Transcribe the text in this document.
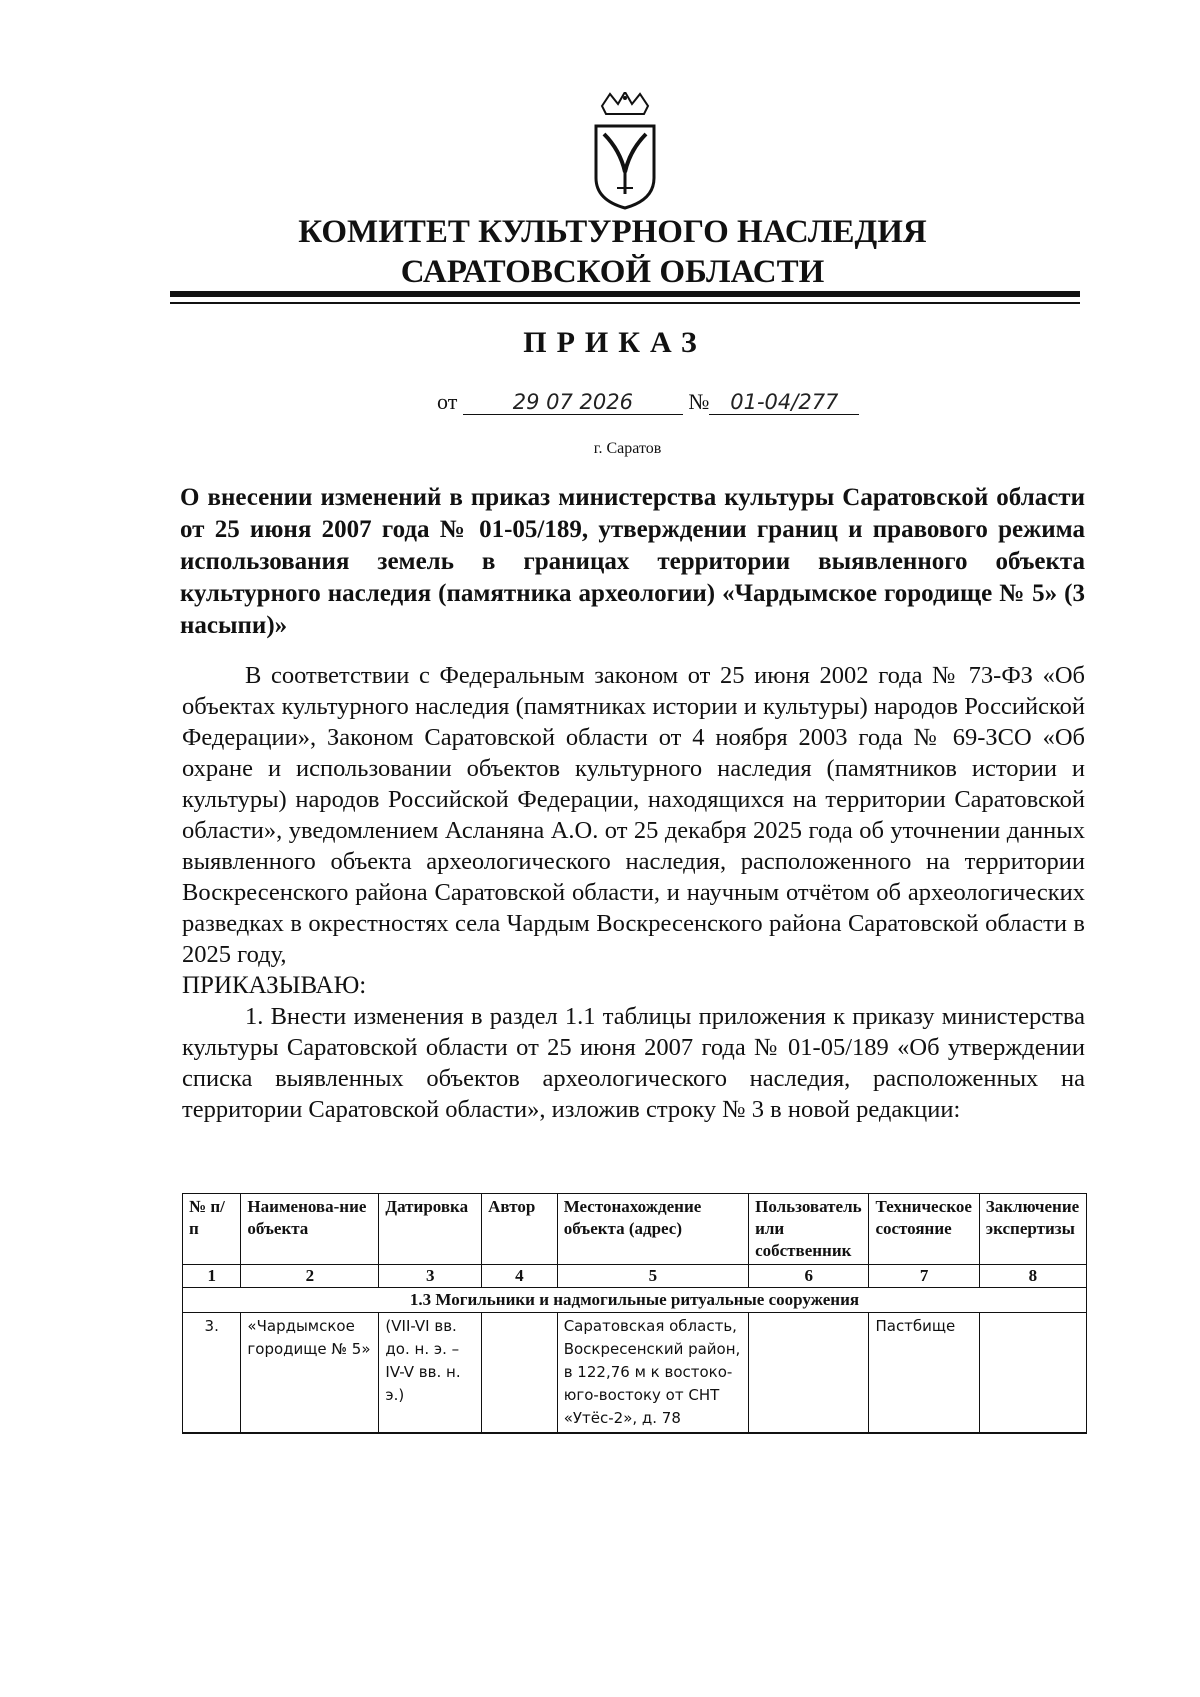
КОМИТЕТ КУЛЬТУРНОГО НАСЛЕДИЯ
САРАТОВСКОЙ ОБЛАСТИ
ПРИКАЗ
от	29 07 2026	№ 01-04/277
г. Саратов

О внесении изменений в приказ министерства культуры Саратовской области от 25 июня 2007 года № 01-05/189, утверждении границ и правового режима использования земель в границах территории выявленного объекта культурного наследия (памятника археологии) «Чардымское городище № 5» (3 насыпи)»

В соответствии с Федеральным законом от 25 июня 2002 года № 73-ФЗ «Об объектах культурного наследия (памятниках истории и культуры) народов Российской Федерации», Законом Саратовской области от 4 ноября 2003 года № 69-ЗСО «Об охране и использовании объектов культурного наследия (памятников истории и культуры) народов Российской Федерации, находящихся на территории Саратовской области», уведомлением Асланяна А.О. от 25 декабря 2025 года об уточнении данных выявленного объекта археологического наследия, расположенного на территории Воскресенского района Саратовской области, и научным отчётом об археологических разведках в окрестностях села Чардым Воскресенского района Саратовской области в 2025 году,

ПРИКАЗЫВАЮ:

1. Внести изменения в раздел 1.1 таблицы приложения к приказу министерства культуры Саратовской области от 25 июня 2007 года № 01-05/189 «Об утверждении списка выявленных объектов археологического наследия, расположенных на территории Саратовской области», изложив строку № 3 в новой редакции:

№ п/п	Наименова-ние объекта	Датировка	Автор	Местонахождение объекта (адрес)	Пользователь или собственник	Техническое состояние	Заключение экспертизы
1	2	3	4	5	6	7	8
1.3 Могильники и надмогильные ритуальные сооружения							
3.	«Чардымское городище № 5»	(VII-VI вв. до. н. э. – IV-V вв. н. э.)		Саратовская область, Воскресенский район, в 122,76 м к востоко-юго-востоку от СНТ «Утёс-2», д. 78		Пастбище	
